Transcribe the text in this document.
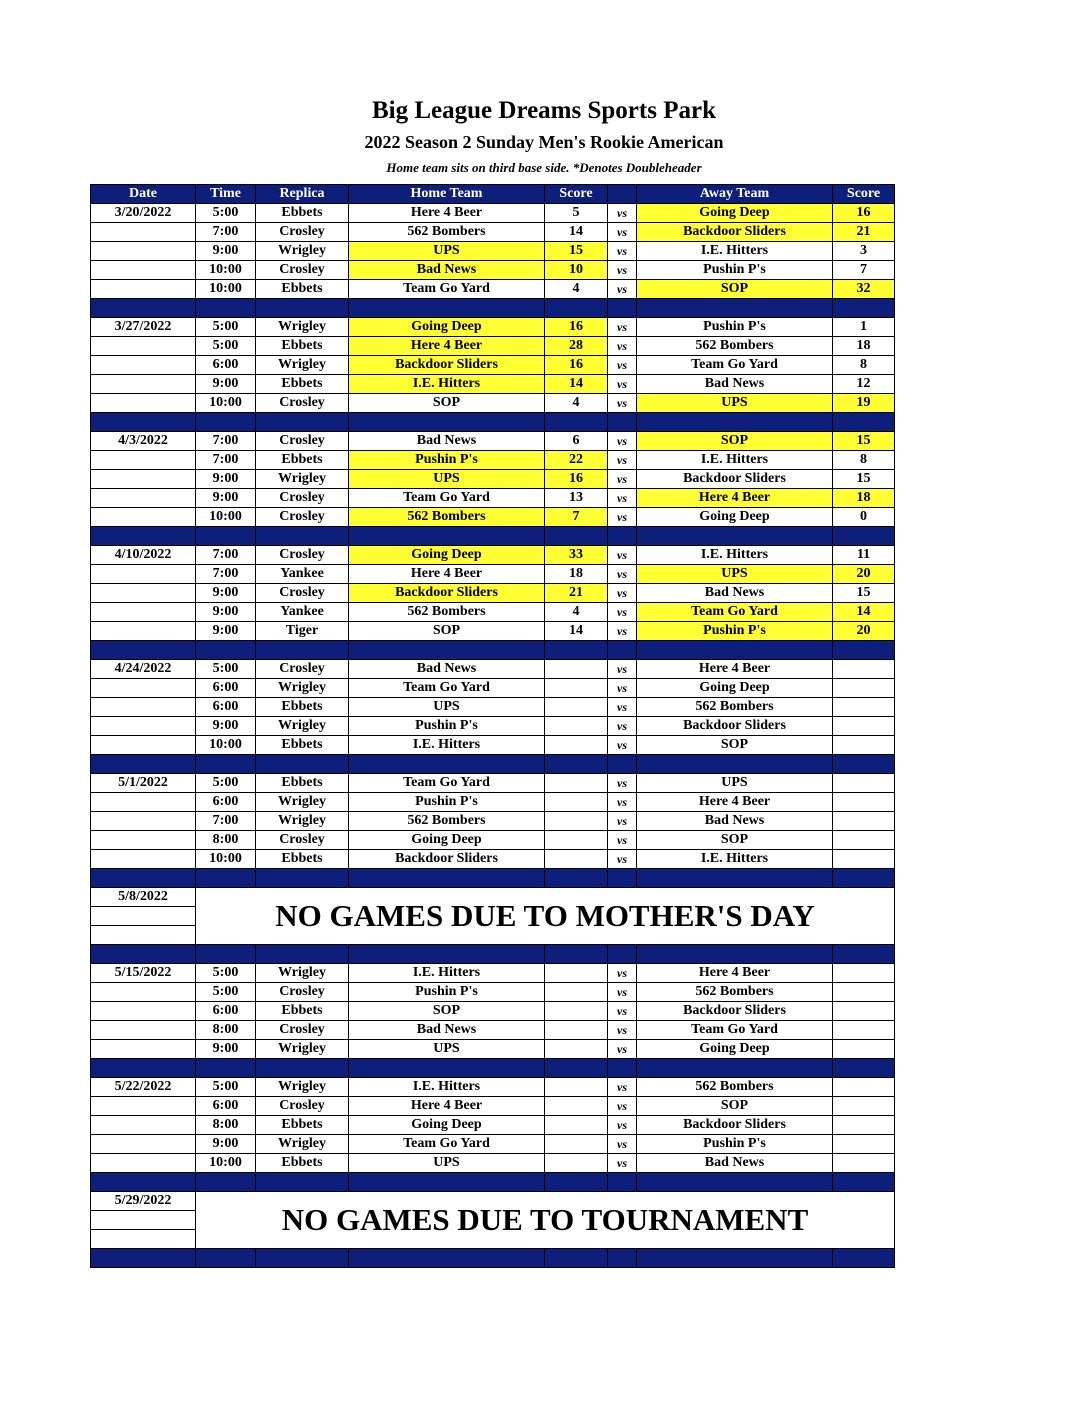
Big League Dreams Sports Park
2022 Season 2 Sunday Men's Rookie American
Home team sits on third base side. *Denotes Doubleheader
Date	Time	Replica	Home Team	Score		Away Team	Score
3/20/2022	5:00	Ebbets	Here 4 Beer	5	vs	Going Deep	16
	7:00	Crosley	562 Bombers	14	vs	Backdoor Sliders	21
	9:00	Wrigley	UPS	15	vs	I.E. Hitters	3
	10:00	Crosley	Bad News	10	vs	Pushin P's	7
	10:00	Ebbets	Team Go Yard	4	vs	SOP	32

3/27/2022	5:00	Wrigley	Going Deep	16	vs	Pushin P's	1
	5:00	Ebbets	Here 4 Beer	28	vs	562 Bombers	18
	6:00	Wrigley	Backdoor Sliders	16	vs	Team Go Yard	8
	9:00	Ebbets	I.E. Hitters	14	vs	Bad News	12
	10:00	Crosley	SOP	4	vs	UPS	19

4/3/2022	7:00	Crosley	Bad News	6	vs	SOP	15
	7:00	Ebbets	Pushin P's	22	vs	I.E. Hitters	8
	9:00	Wrigley	UPS	16	vs	Backdoor Sliders	15
	9:00	Crosley	Team Go Yard	13	vs	Here 4 Beer	18
	10:00	Crosley	562 Bombers	7	vs	Going Deep	0

4/10/2022	7:00	Crosley	Going Deep	33	vs	I.E. Hitters	11
	7:00	Yankee	Here 4 Beer	18	vs	UPS	20
	9:00	Crosley	Backdoor Sliders	21	vs	Bad News	15
	9:00	Yankee	562 Bombers	4	vs	Team Go Yard	14
	9:00	Tiger	SOP	14	vs	Pushin P's	20

4/24/2022	5:00	Crosley	Bad News		vs	Here 4 Beer	
	6:00	Wrigley	Team Go Yard		vs	Going Deep	
	6:00	Ebbets	UPS		vs	562 Bombers	
	9:00	Wrigley	Pushin P's		vs	Backdoor Sliders	
	10:00	Ebbets	I.E. Hitters		vs	SOP	

5/1/2022	5:00	Ebbets	Team Go Yard		vs	UPS	
	6:00	Wrigley	Pushin P's		vs	Here 4 Beer	
	7:00	Wrigley	562 Bombers		vs	Bad News	
	8:00	Crosley	Going Deep		vs	SOP	
	10:00	Ebbets	Backdoor Sliders		vs	I.E. Hitters	

5/8/2022	NO GAMES DUE TO MOTHER'S DAY						

5/15/2022	5:00	Wrigley	I.E. Hitters		vs	Here 4 Beer	
	5:00	Crosley	Pushin P's		vs	562 Bombers	
	6:00	Ebbets	SOP		vs	Backdoor Sliders	
	8:00	Crosley	Bad News		vs	Team Go Yard	
	9:00	Wrigley	UPS		vs	Going Deep	

5/22/2022	5:00	Wrigley	I.E. Hitters		vs	562 Bombers	
	6:00	Crosley	Here 4 Beer		vs	SOP	
	8:00	Ebbets	Going Deep		vs	Backdoor Sliders	
	9:00	Wrigley	Team Go Yard		vs	Pushin P's	
	10:00	Ebbets	UPS		vs	Bad News	

5/29/2022	NO GAMES DUE TO TOURNAMENT						
